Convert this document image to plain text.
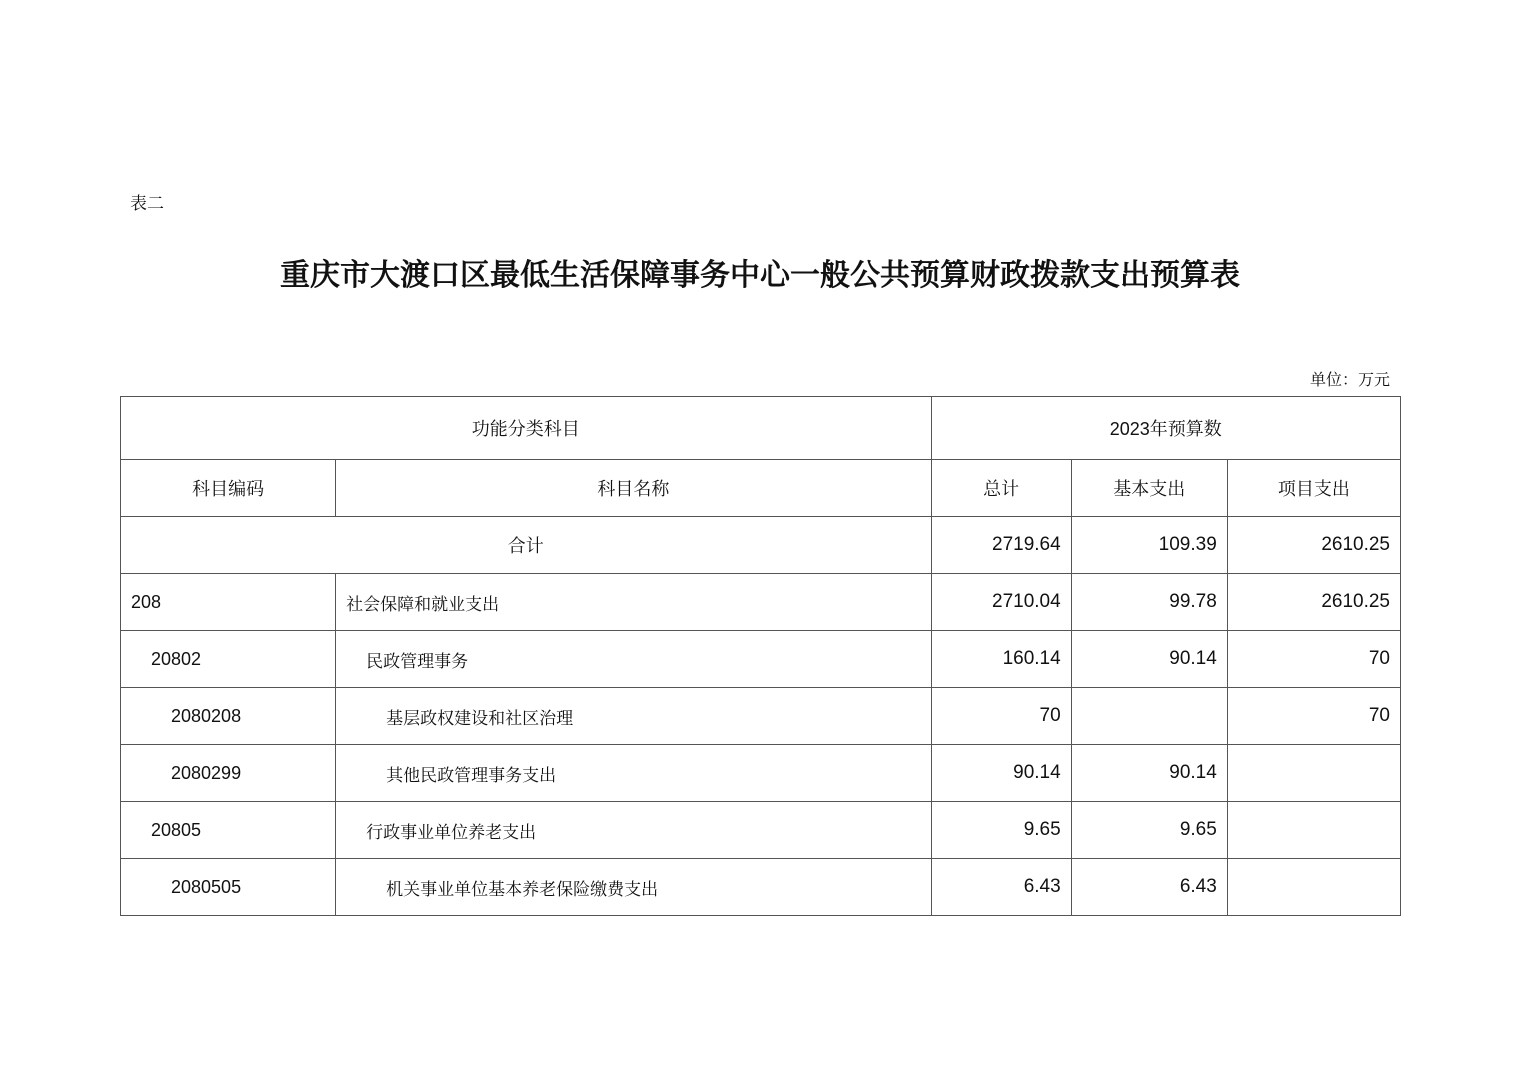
表二
重庆市大渡口区最低生活保障事务中心一般公共预算财政拨款支出预算表
单位：万元
功能分类科目		2023年预算数		
科目编码	科目名称	总计	基本支出	项目支出
合计		2719.64	109.39	2610.25
208	社会保障和就业支出	2710.04	99.78	2610.25
20802	民政管理事务	160.14	90.14	70
2080208	基层政权建设和社区治理	70		70
2080299	其他民政管理事务支出	90.14	90.14	
20805	行政事业单位养老支出	9.65	9.65	
2080505	机关事业单位基本养老保险缴费支出	6.43	6.43	
